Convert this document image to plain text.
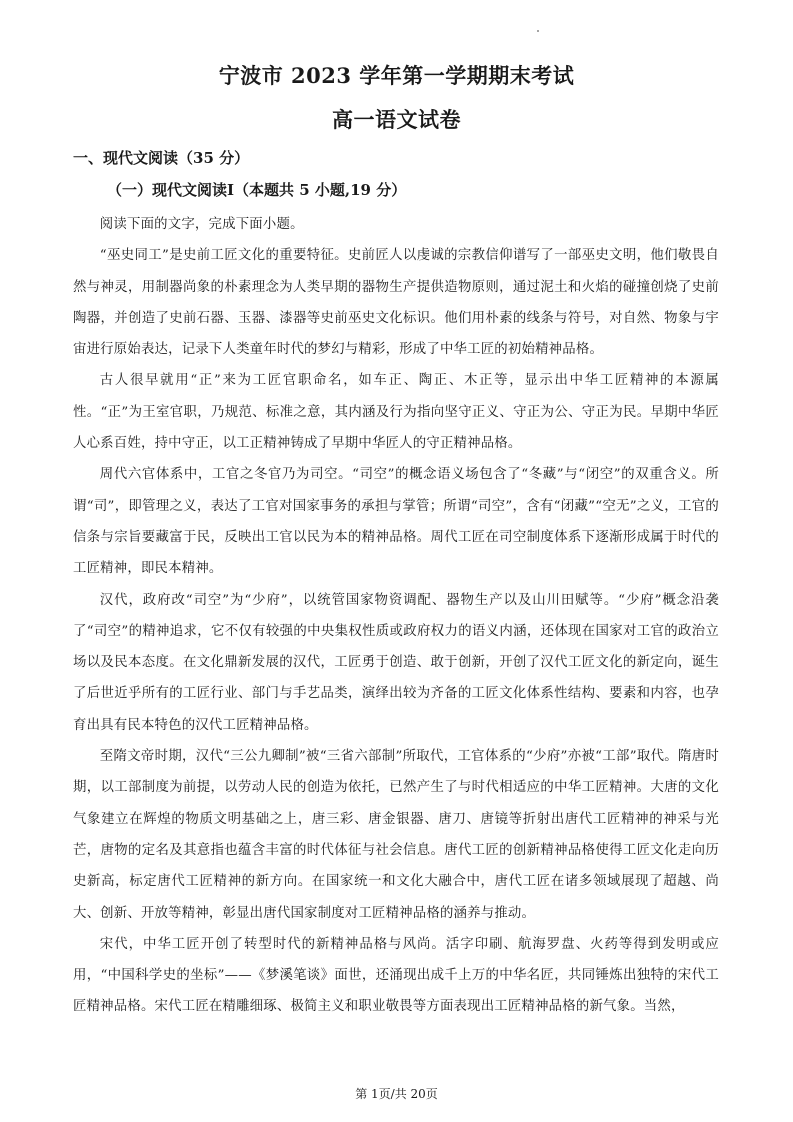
宁波市 2023 学年第一学期期末考试
高一语文试卷
一、现代文阅读（35 分）
（一）现代文阅读Ⅰ（本题共 5 小题,19 分）

阅读下面的文字，完成下面小题。

“巫史同工”是史前工匠文化的重要特征。史前匠人以虔诚的宗教信仰谱写了一部巫史文明，他们敬畏自然与神灵，用制器尚象的朴素理念为人类早期的器物生产提供造物原则，通过泥土和火焰的碰撞创烧了史前陶器，并创造了史前石器、玉器、漆器等史前巫史文化标识。他们用朴素的线条与符号，对自然、物象与宇宙进行原始表达，记录下人类童年时代的梦幻与精彩，形成了中华工匠的初始精神品格。

古人很早就用“正”来为工匠官职命名，如车正、陶正、木正等，显示出中华工匠精神的本源属性。“正”为王室官职，乃规范、标准之意，其内涵及行为指向坚守正义、守正为公、守正为民。早期中华匠人心系百姓，持中守正，以工正精神铸成了早期中华匠人的守正精神品格。

周代六官体系中，工官之冬官乃为司空。“司空”的概念语义场包含了“冬藏”与“闭空”的双重含义。所谓“司”，即管理之义，表达了工官对国家事务的承担与掌管；所谓“司空”，含有“闭藏”“空无”之义，工官的信条与宗旨要藏富于民，反映出工官以民为本的精神品格。周代工匠在司空制度体系下逐渐形成属于时代的工匠精神，即民本精神。

汉代，政府改“司空”为“少府”，以统管国家物资调配、器物生产以及山川田赋等。“少府”概念沿袭了“司空”的精神追求，它不仅有较强的中央集权性质或政府权力的语义内涵，还体现在国家对工官的政治立场以及民本态度。在文化鼎新发展的汉代，工匠勇于创造、敢于创新，开创了汉代工匠文化的新定向，诞生了后世近乎所有的工匠行业、部门与手艺品类，演绎出较为齐备的工匠文化体系性结构、要素和内容，也孕育出具有民本特色的汉代工匠精神品格。

至隋文帝时期，汉代“三公九卿制”被“三省六部制”所取代，工官体系的“少府”亦被“工部”取代。隋唐时期，以工部制度为前提，以劳动人民的创造为依托，已然产生了与时代相适应的中华工匠精神。大唐的文化气象建立在辉煌的物质文明基础之上，唐三彩、唐金银器、唐刀、唐镜等折射出唐代工匠精神的神采与光芒，唐物的定名及其意指也蕴含丰富的时代体征与社会信息。唐代工匠的创新精神品格使得工匠文化走向历史新高，标定唐代工匠精神的新方向。在国家统一和文化大融合中，唐代工匠在诸多领域展现了超越、尚大、创新、开放等精神，彰显出唐代国家制度对工匠精神品格的涵养与推动。

宋代，中华工匠开创了转型时代的新精神品格与风尚。活字印刷、航海罗盘、火药等得到发明或应用，“中国科学史的坐标”——《梦溪笔谈》面世，还涌现出成千上万的中华名匠，共同锤炼出独特的宋代工匠精神品格。宋代工匠在精雕细琢、极简主义和职业敬畏等方面表现出工匠精神品格的新气象。当然，

第 1页/共 20页
